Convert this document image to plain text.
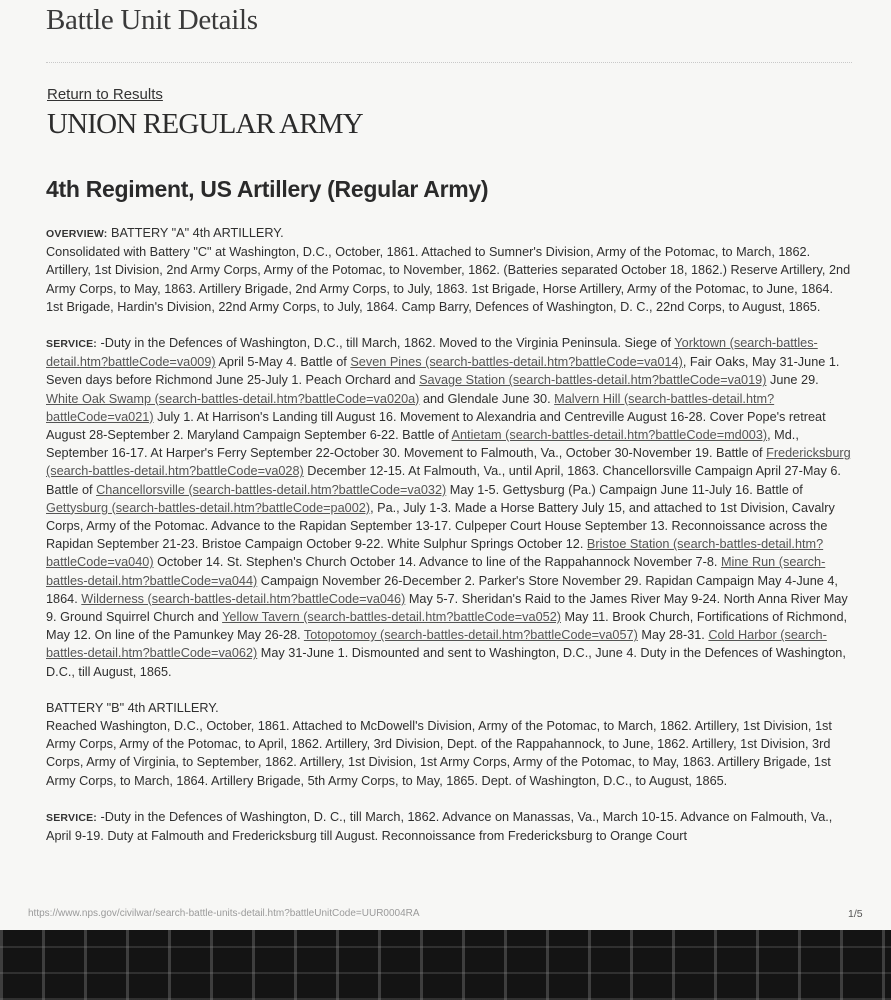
Battle Unit Details
Return to Results
UNION REGULAR ARMY
4th Regiment, US Artillery (Regular Army)

OVERVIEW: BATTERY "A" 4th ARTILLERY.
Consolidated with Battery "C" at Washington, D.C., October, 1861. Attached to Sumner's Division, Army of the Potomac, to March, 1862. Artillery, 1st Division, 2nd Army Corps, Army of the Potomac, to November, 1862. (Batteries separated October 18, 1862.) Reserve Artillery, 2nd Army Corps, to May, 1863. Artillery Brigade, 2nd Army Corps, to July, 1863. 1st Brigade, Horse Artillery, Army of the Potomac, to June, 1864. 1st Brigade, Hardin's Division, 22nd Army Corps, to July, 1864. Camp Barry, Defences of Washington, D. C., 22nd Corps, to August, 1865.

SERVICE: -Duty in the Defences of Washington, D.C., till March, 1862. Moved to the Virginia Peninsula. Siege of Yorktown (search-battles-detail.htm?battleCode=va009) April 5-May 4. Battle of Seven Pines (search-battles-detail.htm?battleCode=va014), Fair Oaks, May 31-June 1. Seven days before Richmond June 25-July 1. Peach Orchard and Savage Station (search-battles-detail.htm?battleCode=va019) June 29. White Oak Swamp (search-battles-detail.htm?battleCode=va020a) and Glendale June 30. Malvern Hill (search-battles-detail.htm?battleCode=va021) July 1. At Harrison's Landing till August 16. Movement to Alexandria and Centreville August 16-28. Cover Pope's retreat August 28-September 2. Maryland Campaign September 6-22. Battle of Antietam (search-battles-detail.htm?battleCode=md003), Md., September 16-17. At Harper's Ferry September 22-October 30. Movement to Falmouth, Va., October 30-November 19. Battle of Fredericksburg (search-battles-detail.htm?battleCode=va028) December 12-15. At Falmouth, Va., until April, 1863. Chancellorsville Campaign April 27-May 6. Battle of Chancellorsville (search-battles-detail.htm?battleCode=va032) May 1-5. Gettysburg (Pa.) Campaign June 11-July 16. Battle of Gettysburg (search-battles-detail.htm?battleCode=pa002), Pa., July 1-3. Made a Horse Battery July 15, and attached to 1st Division, Cavalry Corps, Army of the Potomac. Advance to the Rapidan September 13-17. Culpeper Court House September 13. Reconnoissance across the Rapidan September 21-23. Bristoe Campaign October 9-22. White Sulphur Springs October 12. Bristoe Station (search-battles-detail.htm?battleCode=va040) October 14. St. Stephen's Church October 14. Advance to line of the Rappahannock November 7-8. Mine Run (search-battles-detail.htm?battleCode=va044) Campaign November 26-December 2. Parker's Store November 29. Rapidan Campaign May 4-June 4, 1864. Wilderness (search-battles-detail.htm?battleCode=va046) May 5-7. Sheridan's Raid to the James River May 9-24. North Anna River May 9. Ground Squirrel Church and Yellow Tavern (search-battles-detail.htm?battleCode=va052) May 11. Brook Church, Fortifications of Richmond, May 12. On line of the Pamunkey May 26-28. Totopotomoy (search-battles-detail.htm?battleCode=va057) May 28-31. Cold Harbor (search-battles-detail.htm?battleCode=va062) May 31-June 1. Dismounted and sent to Washington, D.C., June 4. Duty in the Defences of Washington, D.C., till August, 1865.

BATTERY "B" 4th ARTILLERY.
Reached Washington, D.C., October, 1861. Attached to McDowell's Division, Army of the Potomac, to March, 1862. Artillery, 1st Division, 1st Army Corps, Army of the Potomac, to April, 1862. Artillery, 3rd Division, Dept. of the Rappahannock, to June, 1862. Artillery, 1st Division, 3rd Corps, Army of Virginia, to September, 1862. Artillery, 1st Division, 1st Army Corps, Army of the Potomac, to May, 1863. Artillery Brigade, 1st Army Corps, to March, 1864. Artillery Brigade, 5th Army Corps, to May, 1865. Dept. of Washington, D.C., to August, 1865.

SERVICE: -Duty in the Defences of Washington, D. C., till March, 1862. Advance on Manassas, Va., March 10-15. Advance on Falmouth, Va., April 9-19. Duty at Falmouth and Fredericksburg till August. Reconnoissance from Fredericksburg to Orange Court

https://www.nps.gov/civilwar/search-battle-units-detail.htm?battleUnitCode=UUR0004RA	1/5
